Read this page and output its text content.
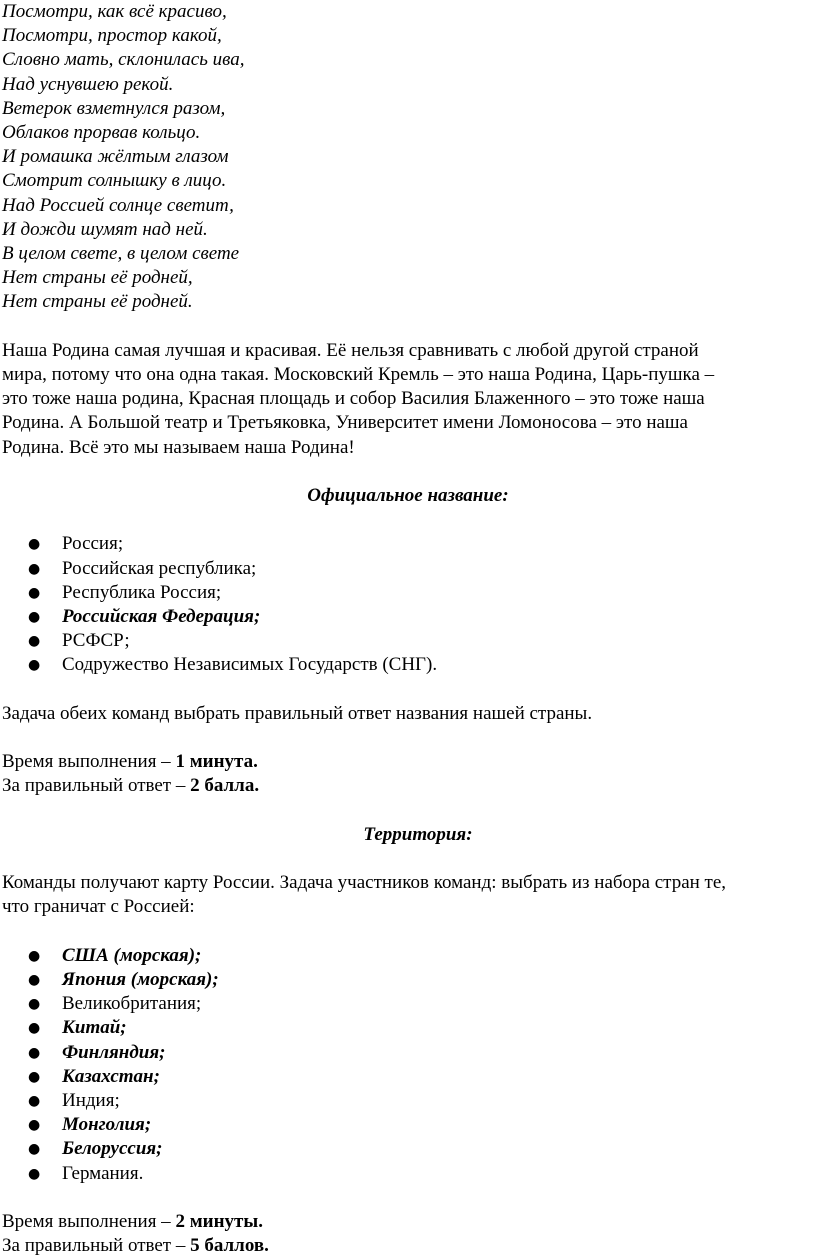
Посмотри, как всё красиво,
Посмотри, простор какой,
Словно мать, склонилась ива,
Над уснувшею рекой.
Ветерок взметнулся разом,
Облаков прорвав кольцо.
И ромашка жёлтым глазом
Смотрит солнышку в лицо.
Над Россией солнце светит,
И дожди шумят над ней.
В целом свете, в целом свете
Нет страны её родней,
Нет страны её родней.
Наша Родина самая лучшая и красивая. Её нельзя сравнивать с любой другой страной
мира, потому что она одна такая. Московский Кремль – это наша Родина, Царь-пушка –
это тоже наша родина, Красная площадь и собор Василия Блаженного – это тоже наша
Родина. А Большой театр и Третьяковка, Университет имени Ломоносова – это наша
Родина. Всё это мы называем наша Родина!

Официальное название:

● Россия;
● Российская республика;
● Республика Россия;
● Российская Федерация;
● РСФСР;
● Содружество Независимых Государств (СНГ).

Задача обеих команд выбрать правильный ответ названия нашей страны.

Время выполнения – 1 минута.

За правильный ответ – 2 балла.

Территория:

Команды получают карту России. Задача участников команд: выбрать из набора стран те,
что граничат с Россией:
● США (морская);
● Япония (морская);
● Великобритания;
● Китай;
● Финляндия;
● Казахстан;
● Индия;
● Монголия;
● Белоруссия;
● Германия.

Время выполнения – 2 минуты.

За правильный ответ – 5 баллов.
